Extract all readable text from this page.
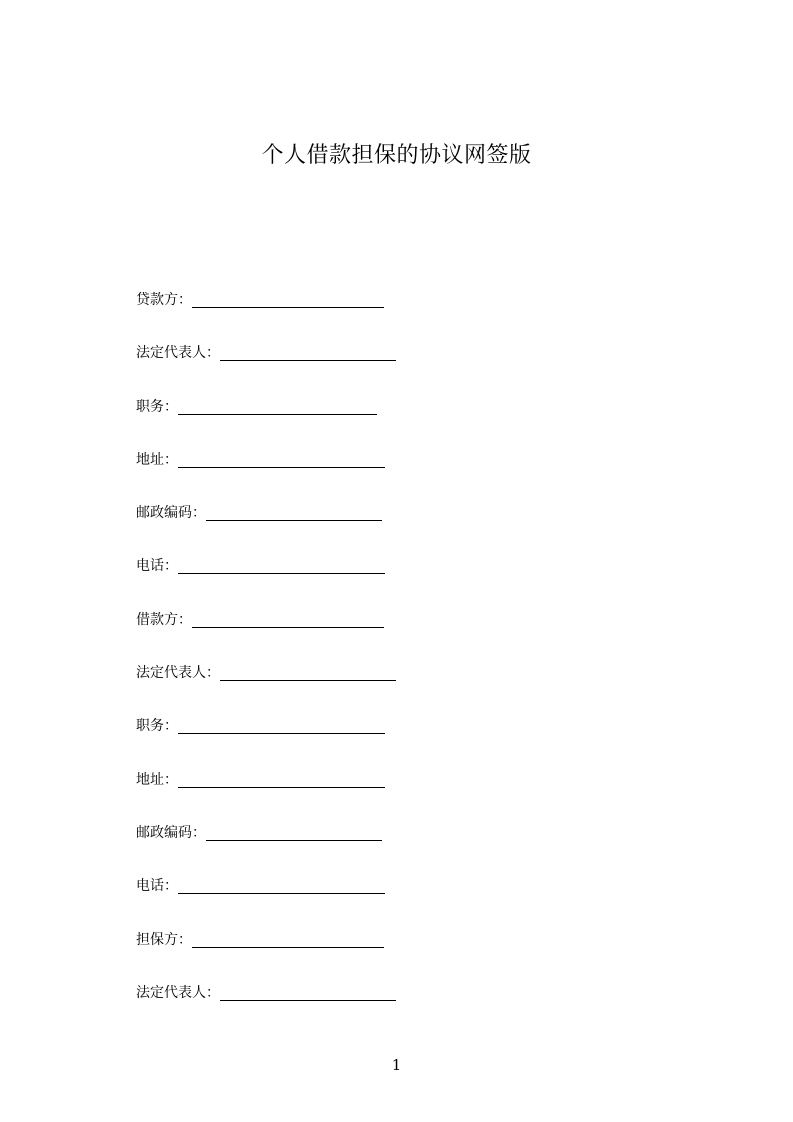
个人借款担保的协议网签版
贷款方：
法定代表人：
职务：
地址：
邮政编码：
电话：
借款方：
法定代表人：
职务：
地址：
邮政编码：
电话：
担保方：
法定代表人：
1
